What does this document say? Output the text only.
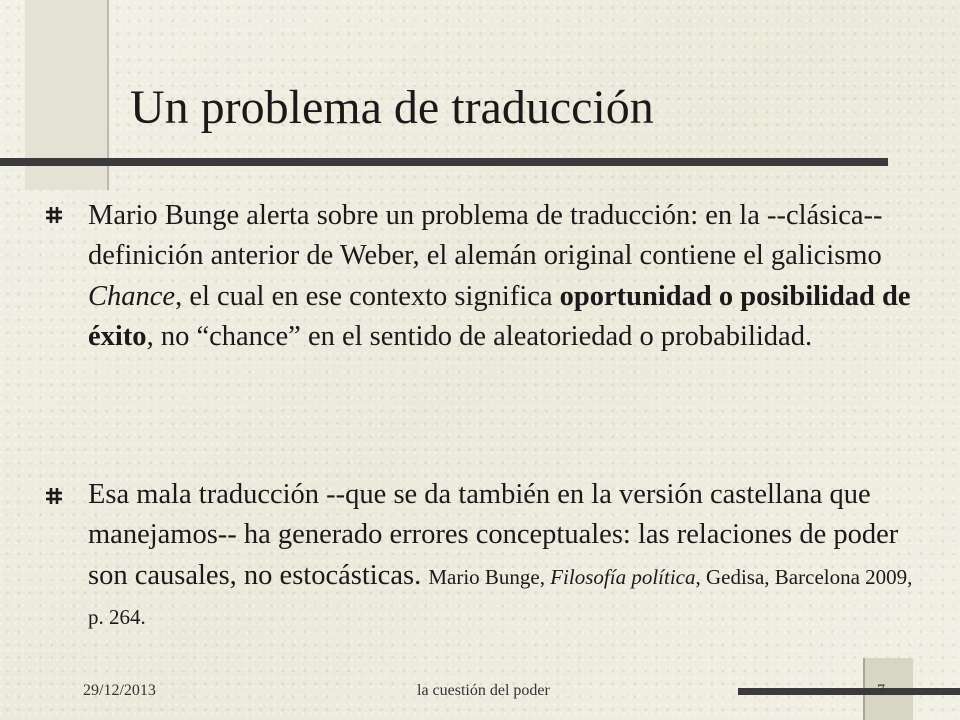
Un problema de traducción
Mario Bunge alerta sobre un problema de traducción: en la --clásica-- definición anterior de Weber, el alemán original contiene el galicismo Chance, el cual en ese contexto significa oportunidad o posibilidad de éxito, no “chance” en el sentido de aleatoriedad o probabilidad.
Esa mala traducción --que se da también en la versión castellana que manejamos-- ha generado errores conceptuales: las relaciones de poder son causales, no estocásticas. Mario Bunge, Filosofía política, Gedisa, Barcelona 2009, p. 264.
29/12/2013	la cuestión del poder	7
